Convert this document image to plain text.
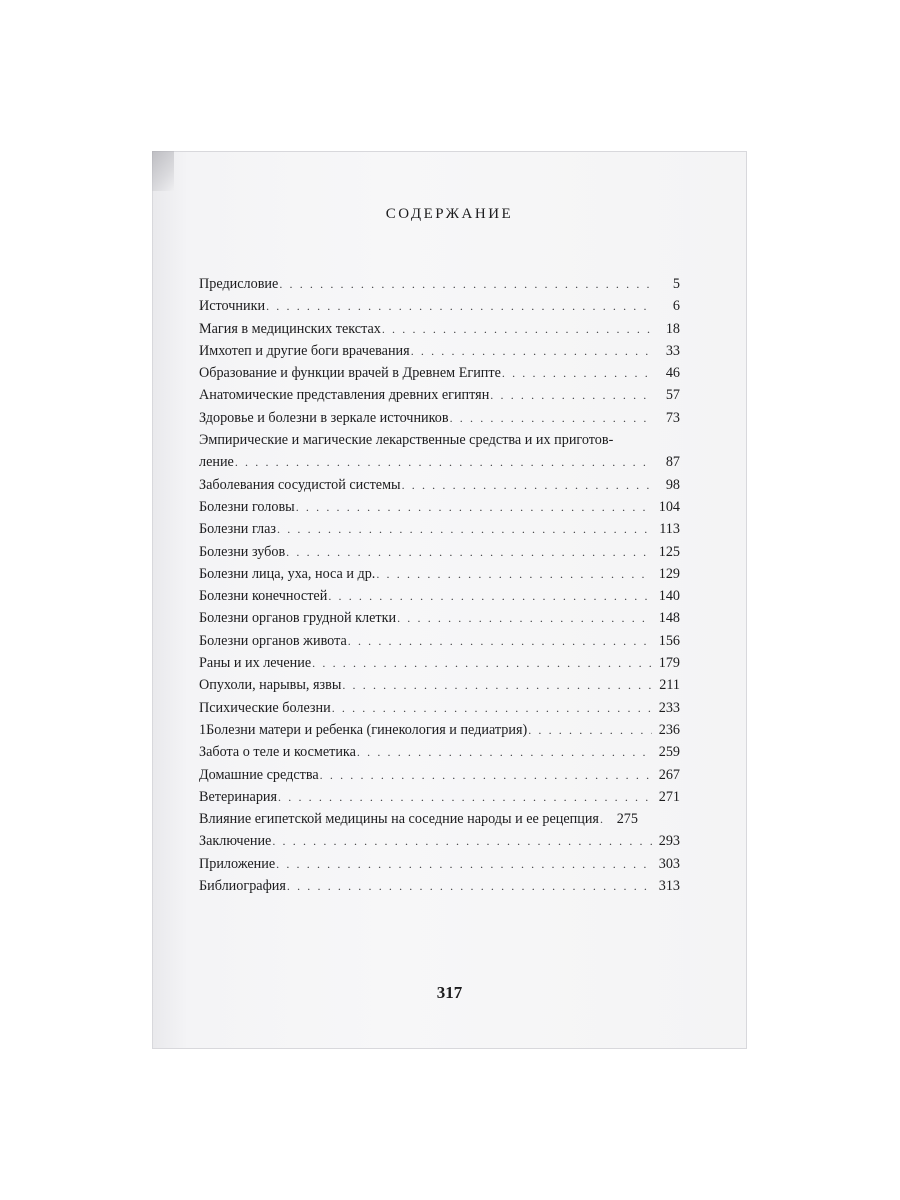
СОДЕРЖАНИЕ
Предисловие . . .	5
Источники . . .	6
Магия в медицинских текстах . . .	18
Имхотеп и другие боги врачевания . . .	33
Образование и функции врачей в Древнем Египте . . .	46
Анатомические представления древних египтян . . .	57
Здоровье и болезни в зеркале источников . . .	73
Эмпирические и магические лекарственные средства и их приготов-
ление . . .	87
Заболевания сосудистой системы . . .	98
Болезни головы . . .	104
Болезни глаз . . .	113
Болезни зубов . . .	125
Болезни лица, уха, носа и др. . . .	129
Болезни конечностей . . .	140
Болезни органов грудной клетки . . .	148
Болезни органов живота . . .	156
Раны и их лечение . . .	179
Опухоли, нарывы, язвы . . .	211
Психические болезни . . .	233
1Болезни матери и ребенка (гинекология и педиатрия) . . .	236
Забота о теле и косметика . . .	259
Домашние средства . . .	267
Ветеринария . . .	271
Влияние египетской медицины на соседние народы и ее рецепция . . . 275
Заключение . . .	293
Приложение . . .	303
Библиография . . .	313
317
